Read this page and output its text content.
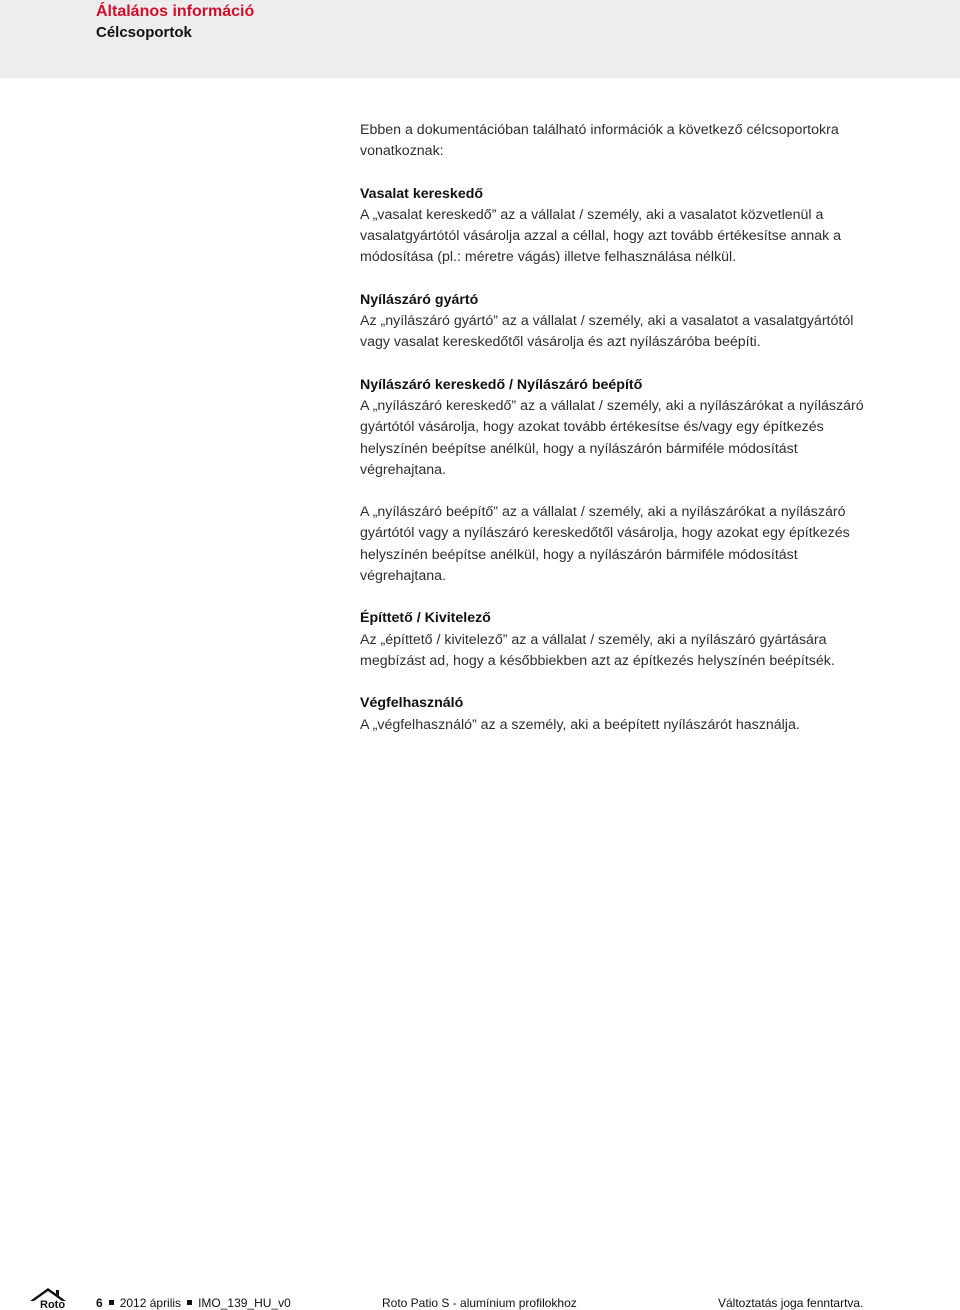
Általános információ
Célcsoportok

Ebben a dokumentációban található információk a következő célcsoportokra vonatkoznak:

Vasalat kereskedő

A „vasalat kereskedő” az a vállalat / személy, aki a vasalatot közvetlenül a vasalatgyártótól vásárolja azzal a céllal, hogy azt tovább értékesítse annak a módosítása (pl.: méretre vágás) illetve felhasználása nélkül.

Nyílászáró gyártó

Az „nyílászáró gyártó” az a vállalat / személy, aki a vasalatot a vasalatgyártótól vagy vasalat kereskedőtől vásárolja és azt nyílászáróba beépíti.

Nyílászáró kereskedő / Nyílászáró beépítő

A „nyílászáró kereskedő” az a vállalat / személy, aki a nyílászárókat a nyílászáró gyártótól vásárolja, hogy azokat tovább értékesítse és/vagy egy építkezés helyszínén beépítse anélkül, hogy a nyílászárón bármiféle módosítást végrehajtana.

A „nyílászáró beépítő” az a vállalat / személy, aki a nyílászárókat a nyílászáró gyártótól vagy a nyílászáró kereskedőtől vásárolja, hogy azokat egy építkezés helyszínén beépítse anélkül, hogy a nyílászárón bármiféle módosítást végrehajtana.

Építtető / Kivitelező

Az „építtető / kivitelező” az a vállalat / személy, aki a nyílászáró gyártására megbízást ad, hogy a későbbiekben azt az építkezés helyszínén beépítsék.

Végfelhasználó

A „végfelhasználó” az a személy, aki a beépített nyílászárót használja.

Roto	6 2012 április IMO_139_HU_v0	Roto Patio S - alumínium profilokhoz	Változtatás joga fenntartva.
